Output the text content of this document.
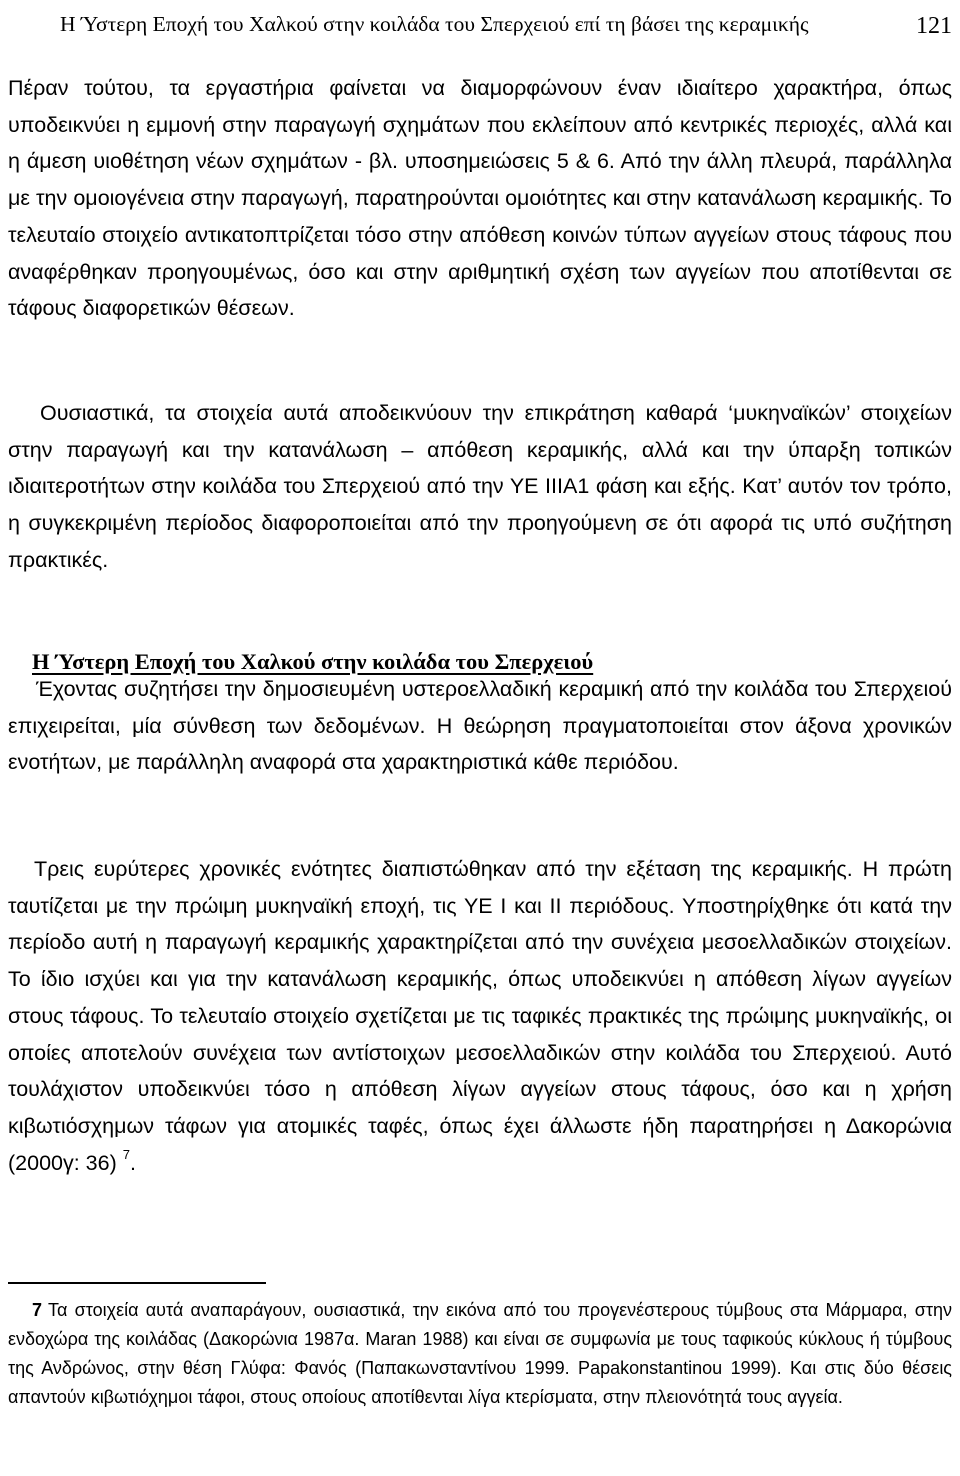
Η Ύστερη Εποχή του Χαλκού στην κοιλάδα του Σπερχειού επί τη βάσει της κεραμικής	121

Πέραν τούτου, τα εργαστήρια φαίνεται να διαμορφώνουν έναν ιδιαίτερο χαρακτήρα, όπως υποδεικνύει η εμμονή στην παραγωγή σχημάτων που εκλείπουν από κεντρικές περιοχές, αλλά και η άμεση υιοθέτηση νέων σχημάτων - βλ. υποσημειώσεις 5 & 6. Από την άλλη πλευρά, παράλληλα με την ομοιογένεια στην παραγωγή, παρατηρούνται ομοιότητες και στην κατανάλωση κεραμικής. Το τελευταίο στοιχείο αντικατοπτρίζεται τόσο στην απόθεση κοινών τύπων αγγείων στους τάφους που αναφέρθηκαν προηγουμένως, όσο και στην αριθμητική σχέση των αγγείων που αποτίθενται σε τάφους διαφορετικών θέσεων.

Ουσιαστικά, τα στοιχεία αυτά αποδεικνύουν την επικράτηση καθαρά ‘μυκηναϊκών’ στοιχείων στην παραγωγή και την κατανάλωση – απόθεση κεραμικής, αλλά και την ύπαρξη τοπικών ιδιαιτεροτήτων στην κοιλάδα του Σπερχειού από την ΥΕ ΙΙΙΑ1 φάση και εξής. Κατ’ αυτόν τον τρόπο, η συγκεκριμένη περίοδος διαφοροποιείται από την προηγούμενη σε ότι αφορά τις υπό συζήτηση πρακτικές.

Η Ύστερη Εποχή του Χαλκού στην κοιλάδα του Σπερχειού

Έχοντας συζητήσει την δημοσιευμένη υστεροελλαδική κεραμική από την κοιλάδα του Σπερχειού επιχειρείται, μία σύνθεση των δεδομένων. Η θεώρηση πραγματοποιείται στον άξονα χρονικών ενοτήτων, με παράλληλη αναφορά στα χαρακτηριστικά κάθε περιόδου.

Τρεις ευρύτερες χρονικές ενότητες διαπιστώθηκαν από την εξέταση της κεραμικής. Η πρώτη ταυτίζεται με την πρώιμη μυκηναϊκή εποχή, τις ΥΕ Ι και ΙΙ περιόδους. Υποστηρίχθηκε ότι κατά την περίοδο αυτή η παραγωγή κεραμικής χαρακτηρίζεται από την συνέχεια μεσοελλαδικών στοιχείων. Το ίδιο ισχύει και για την κατανάλωση κεραμικής, όπως υποδεικνύει η απόθεση λίγων αγγείων στους τάφους. Το τελευταίο στοιχείο σχετίζεται με τις ταφικές πρακτικές της πρώιμης μυκηναϊκής, οι οποίες αποτελούν συνέχεια των αντίστοιχων μεσοελλαδικών στην κοιλάδα του Σπερχειού. Αυτό τουλάχιστον υποδεικνύει τόσο η απόθεση λίγων αγγείων στους τάφους, όσο και η χρήση κιβωτιόσχημων τάφων για ατομικές ταφές, όπως έχει άλλωστε ήδη παρατηρήσει η Δακορώνια (2000γ: 36) $^7$.

7 Τα στοιχεία αυτά αναπαράγουν, ουσιαστικά, την εικόνα από του προγενέστερους τύμβους στα Μάρμαρα, στην ενδοχώρα της κοιλάδας (Δακορώνια 1987α. Maran 1988) και είναι σε συμφωνία με τους ταφικούς κύκλους ή τύμβους της Ανδρώνος, στην θέση Γλύφα: Φανός (Παπακωνσταντίνου 1999. Papakonstantinou 1999). Και στις δύο θέσεις απαντούν κιβωτιόχημοι τάφοι, στους οποίους αποτίθενται λίγα κτερίσματα, στην πλειονότητά τους αγγεία.
